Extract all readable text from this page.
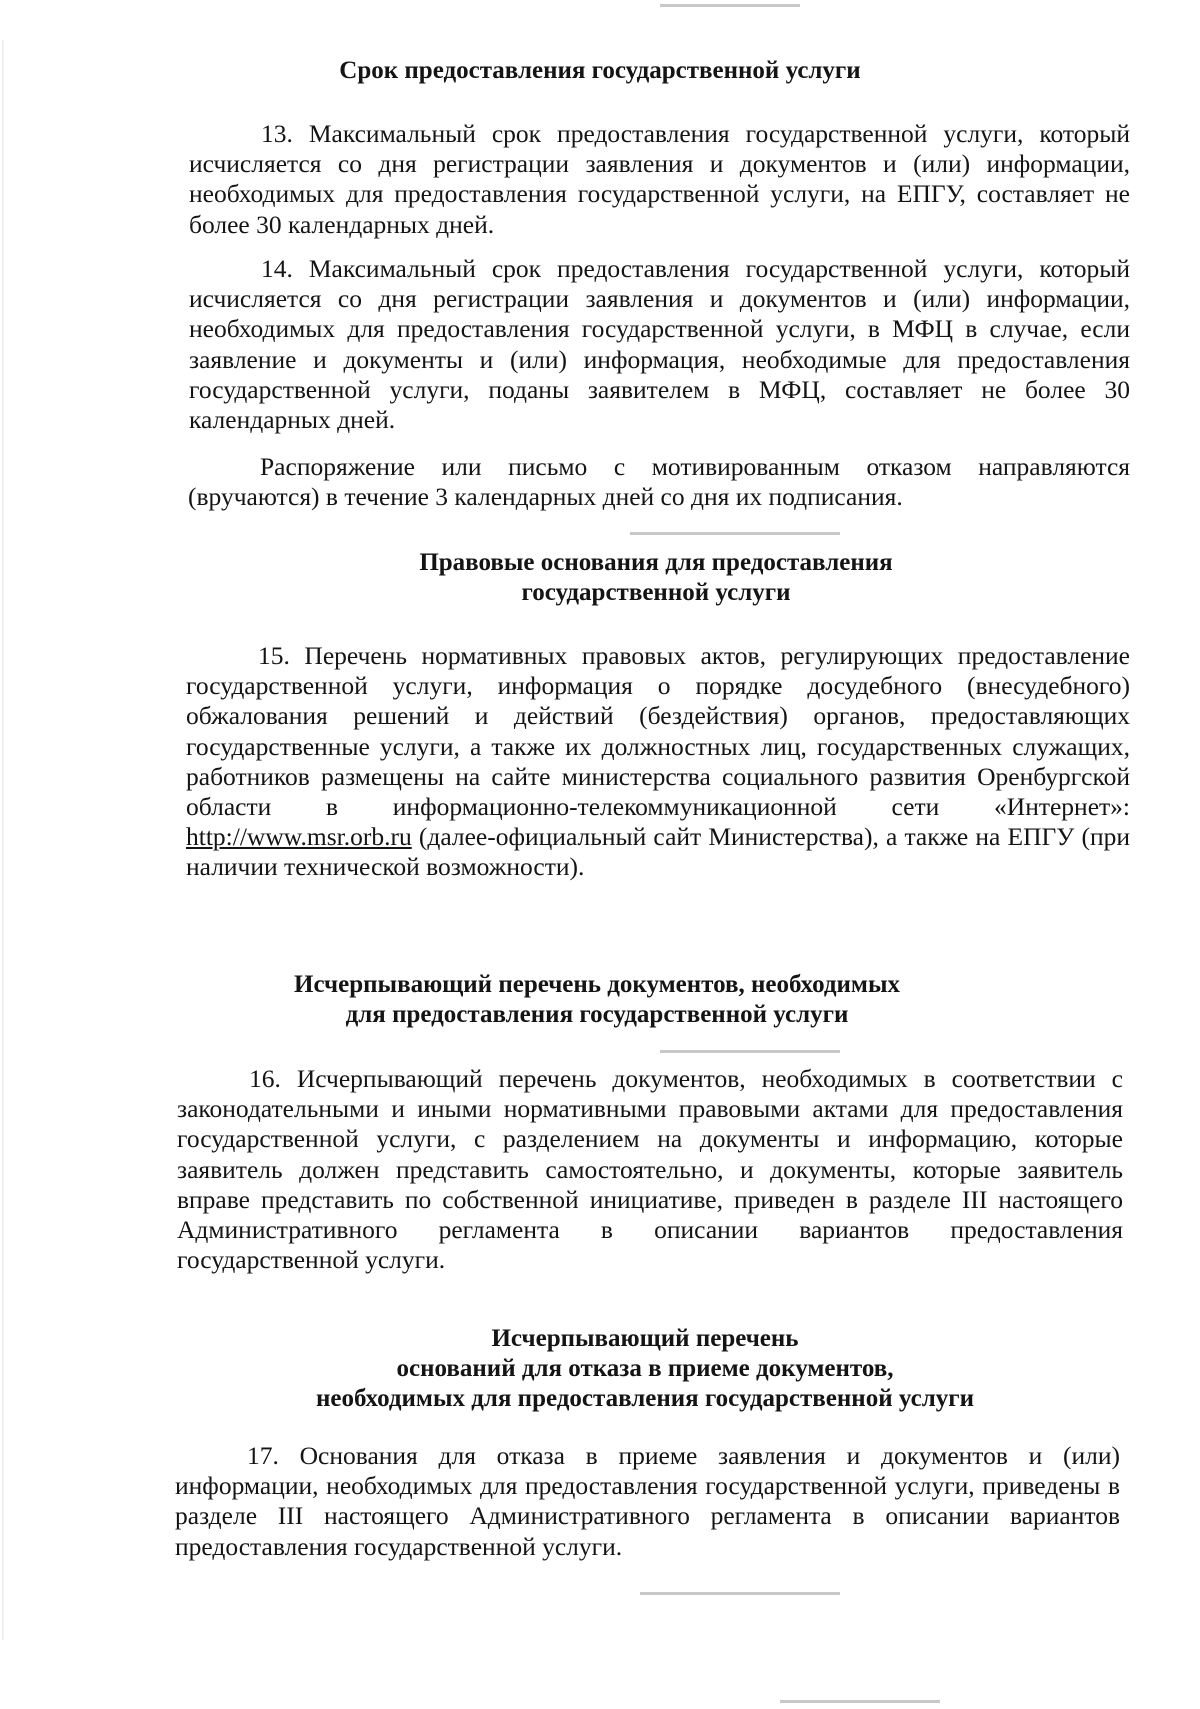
Срок предоставления государственной услуги

13. Максимальный срок предоставления государственной услуги, который исчисляется со дня регистрации заявления и документов и (или) информации, необходимых для предоставления государственной услуги, на ЕПГУ, составляет не более 30 календарных дней.

14. Максимальный срок предоставления государственной услуги, который исчисляется со дня регистрации заявления и документов и (или) информации, необходимых для предоставления государственной услуги, в МФЦ в случае, если заявление и документы и (или) информация, необходимые для предоставления государственной услуги, поданы заявителем в МФЦ, составляет не более 30 календарных дней.

Распоряжение или письмо с мотивированным отказом направляются (вручаются) в течение 3 календарных дней со дня их подписания.

Правовые основания для предоставления
государственной услуги

15. Перечень нормативных правовых актов, регулирующих предоставление государственной услуги, информация о порядке досудебного (внесудебного) обжалования решений и действий (бездействия) органов, предоставляющих государственные услуги, а также их должностных лиц, государственных служащих, работников размещены на сайте министерства социального развития Оренбургской области в информационно-телекоммуникационной сети «Интернет»: http://www.msr.orb.ru (далее-официальный сайт Министерства), а также на ЕПГУ (при наличии технической возможности).

Исчерпывающий перечень документов, необходимых
для предоставления государственной услуги

16. Исчерпывающий перечень документов, необходимых в соответствии с законодательными и иными нормативными правовыми актами для предоставления государственной услуги, с разделением на документы и информацию, которые заявитель должен представить самостоятельно, и документы, которые заявитель вправе представить по собственной инициативе, приведен в разделе III настоящего Административного регламента в описании вариантов предоставления государственной услуги.

Исчерпывающий перечень
оснований для отказа в приеме документов,
необходимых для предоставления государственной услуги

17. Основания для отказа в приеме заявления и документов и (или) информации, необходимых для предоставления государственной услуги, приведены в разделе III настоящего Административного регламента в описании вариантов предоставления государственной услуги.
